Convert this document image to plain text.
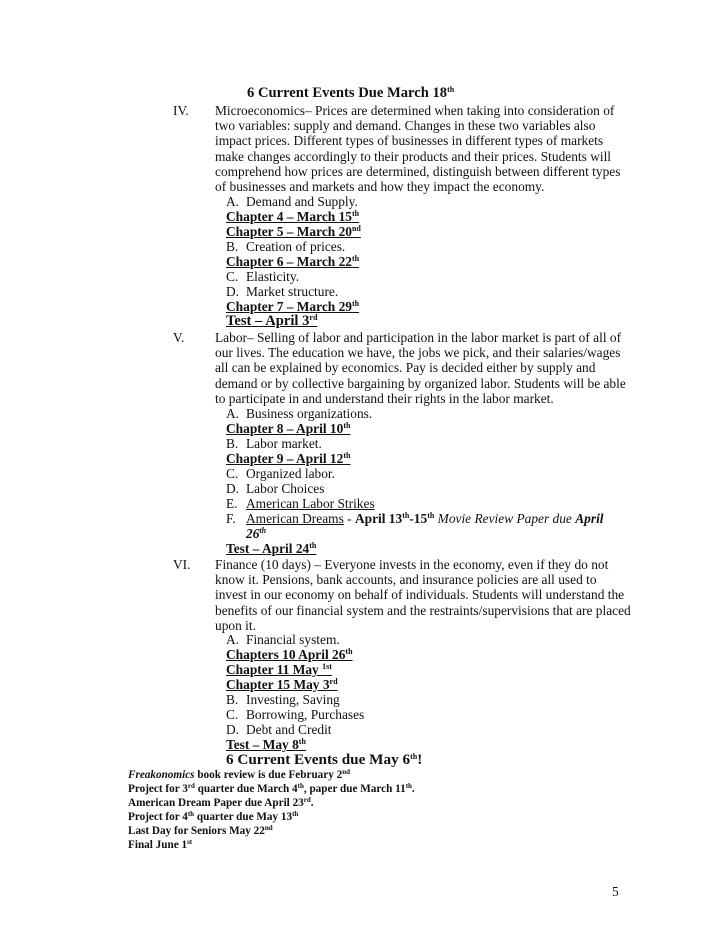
6 Current Events Due March 18th
IV. Microeconomics– Prices are determined when taking into consideration of
two variables: supply and demand. Changes in these two variables also
impact prices. Different types of businesses in different types of markets
make changes accordingly to their products and their prices. Students will
comprehend how prices are determined, distinguish between different types
of businesses and markets and how they impact the economy.
A. Demand and Supply.
Chapter 4 – March 15th
Chapter 5 – March 20nd
B. Creation of prices.
Chapter 6 – March 22th
C. Elasticity.
D. Market structure.
Chapter 7 – March 29th
Test – April 3rd
V. Labor– Selling of labor and participation in the labor market is part of all of
our lives. The education we have, the jobs we pick, and their salaries/wages
all can be explained by economics. Pay is decided either by supply and
demand or by collective bargaining by organized labor. Students will be able
to participate in and understand their rights in the labor market.
A. Business organizations.
Chapter 8 – April 10th
B. Labor market.
Chapter 9 – April 12th
C. Organized labor.
D. Labor Choices
E. American Labor Strikes
F. American Dreams - April 13th-15th Movie Review Paper due April
26th
Test – April 24th
VI. Finance (10 days) – Everyone invests in the economy, even if they do not
know it. Pensions, bank accounts, and insurance policies are all used to
invest in our economy on behalf of individuals. Students will understand the
benefits of our financial system and the restraints/supervisions that are placed
upon it.
A. Financial system.
Chapters 10 April 26th
Chapter 11 May $^{1st}$
Chapter 15 May 3rd
B. Investing, Saving
C. Borrowing, Purchases
D. Debt and Credit
Test – May 8th
6 Current Events due May 6th!
Freakonomics book review is due February 2nd
Project for 3rd quarter due March 4th, paper due March 11th.
American Dream Paper due April 23rd.
Project for 4th quarter due May 13th
Last Day for Seniors May 22nd
Final June 1st
5
